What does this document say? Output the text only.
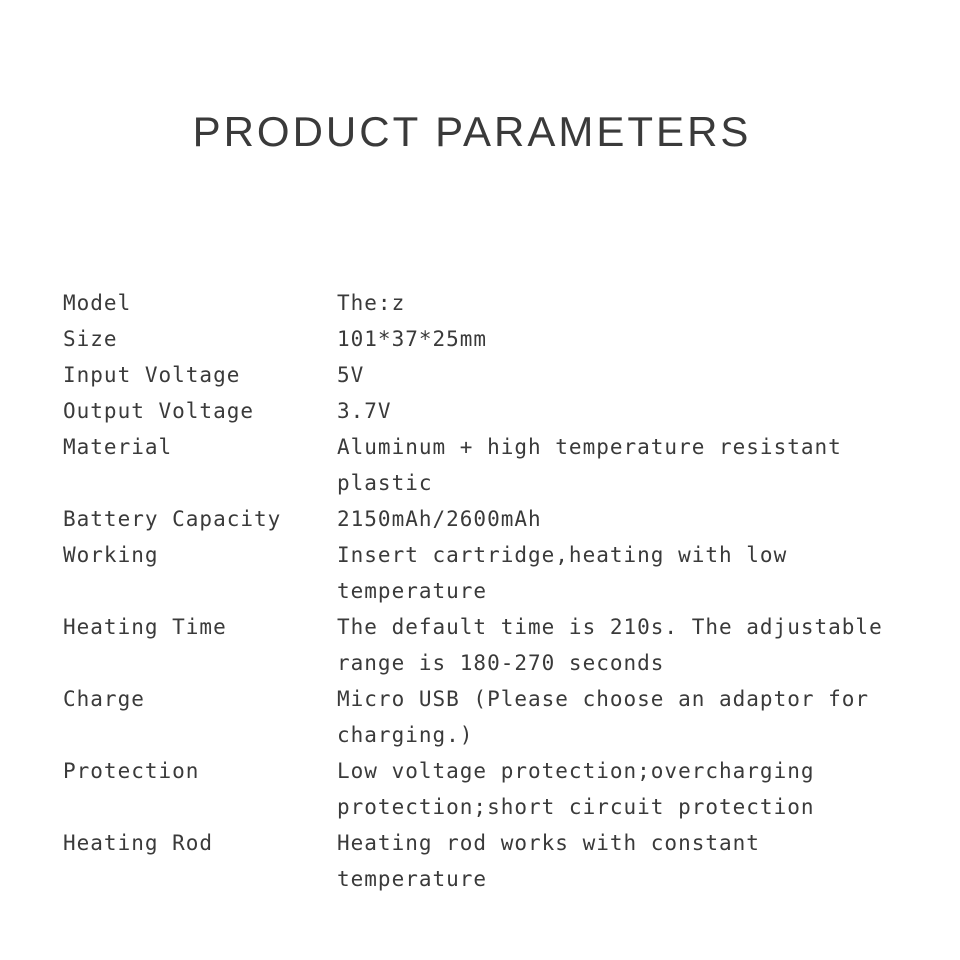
PRODUCT PARAMETERS
Model	The:z
Size	101*37*25mm
Input Voltage	5V
Output Voltage	3.7V
Material	Aluminum + high temperature resistant
plastic
Battery Capacity	2150mAh/2600mAh
Working	Insert cartridge,heating with low
temperature
Heating Time	The default time is 210s. The adjustable
range is 180-270 seconds
Charge	Micro USB (Please choose an adaptor for
charging.)
Protection	Low voltage protection;overcharging
protection;short circuit protection
Heating Rod	Heating rod works with constant
temperature
